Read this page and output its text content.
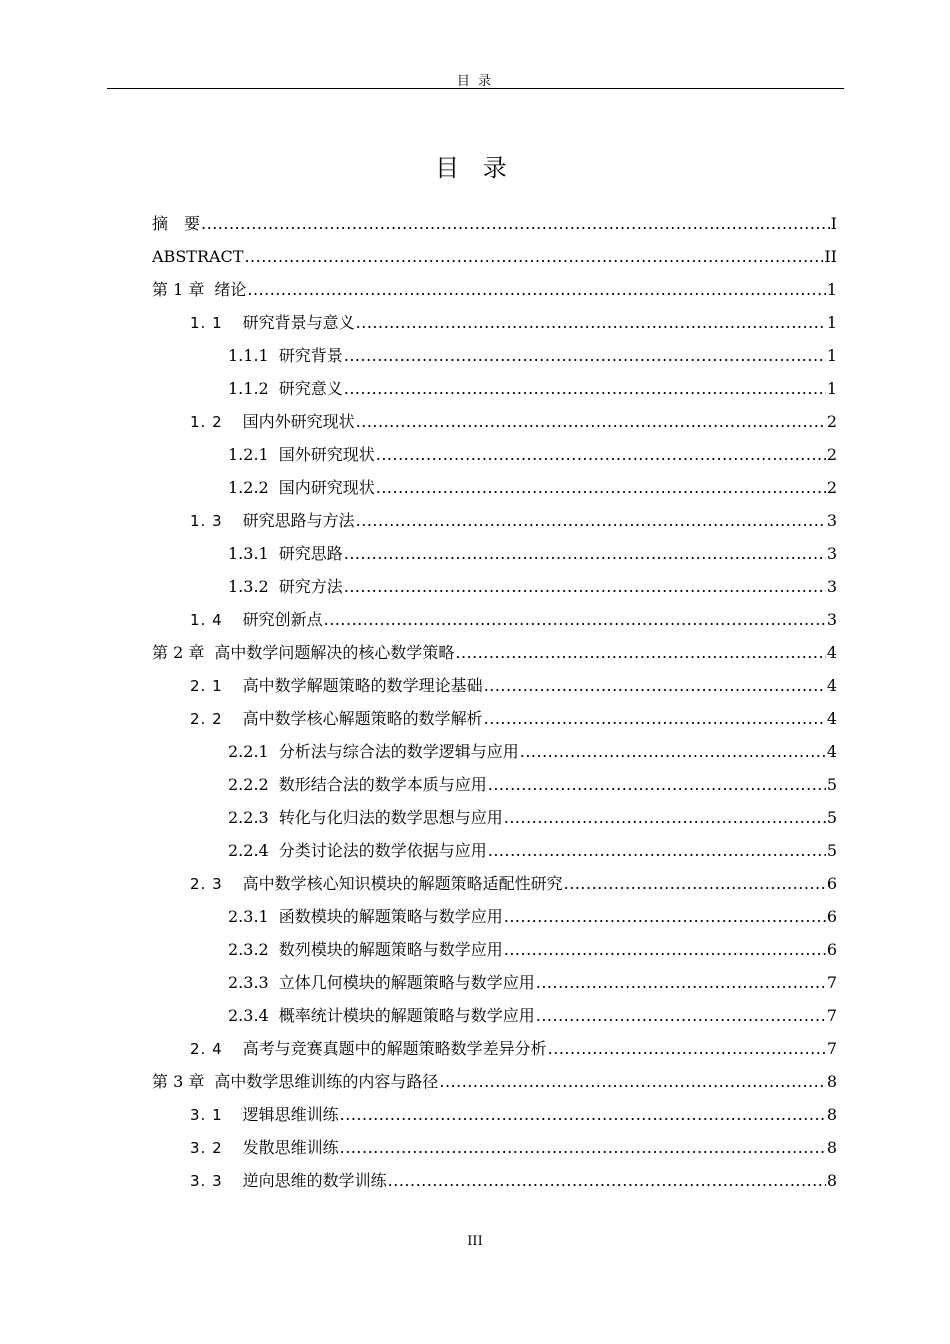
目 录
目 录
摘　要 .....	I
ABSTRACT .....	II
第 1 章 绪论 .....	1
1. 1 研究背景与意义 .....	1
1.1.1 研究背景 .....	1
1.1.2 研究意义 .....	1
1. 2 国内外研究现状 .....	2
1.2.1 国外研究现状 .....	2
1.2.2 国内研究现状 .....	2
1. 3 研究思路与方法 .....	3
1.3.1 研究思路 .....	3
1.3.2 研究方法 .....	3
1. 4 研究创新点 .....	3
第 2 章 高中数学问题解决的核心数学策略 .....	4
2. 1 高中数学解题策略的数学理论基础 .....	4
2. 2 高中数学核心解题策略的数学解析 .....	4
2.2.1 分析法与综合法的数学逻辑与应用 .....	4
2.2.2 数形结合法的数学本质与应用 .....	5
2.2.3 转化与化归法的数学思想与应用 .....	5
2.2.4 分类讨论法的数学依据与应用 .....	5
2. 3 高中数学核心知识模块的解题策略适配性研究 .....	6
2.3.1 函数模块的解题策略与数学应用 .....	6
2.3.2 数列模块的解题策略与数学应用 .....	6
2.3.3 立体几何模块的解题策略与数学应用 .....	7
2.3.4 概率统计模块的解题策略与数学应用 .....	7
2. 4 高考与竞赛真题中的解题策略数学差异分析 .....	7
第 3 章 高中数学思维训练的内容与路径 .....	8
3. 1 逻辑思维训练 .....	8
3. 2 发散思维训练 .....	8
3. 3 逆向思维的数学训练 .....	8
III
